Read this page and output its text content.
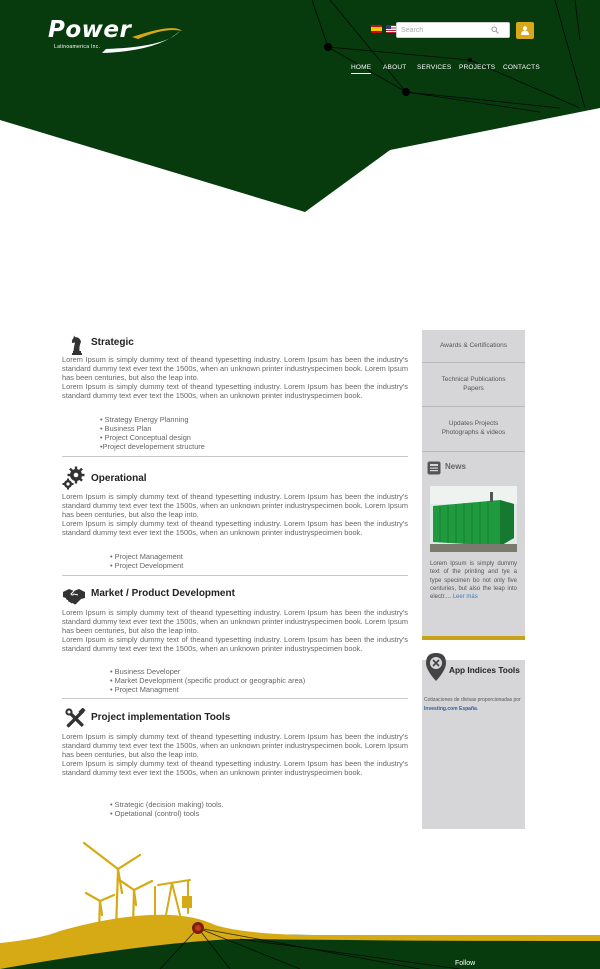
Power
Latinoamerica Inc.
Search
HOME ABOUT SERVICES PROJECTS CONTACTS
Strategic

Lorem Ipsum is simply dummy text of theand typesetting industry. Lorem Ipsum has been the industry's standard dummy text ever text the 1500s, when an unknown printer industryspecimen book. Lorem Ipsum has been centuries, but also the leap into.

Lorem Ipsum is simply dummy text of theand typesetting industry. Lorem Ipsum has been the industry's standard dummy text ever text the 1500s, when an unknown printer industryspecimen book.

• Strategy Energy Planning
• Business Plan
• Project Conceptual design
•Project developement structure
Operational

Lorem Ipsum is simply dummy text of theand typesetting industry. Lorem Ipsum has been the industry's standard dummy text ever text the 1500s, when an unknown printer industryspecimen book. Lorem Ipsum has been centuries, but also the leap into.

Lorem Ipsum is simply dummy text of theand typesetting industry. Lorem Ipsum has been the industry's standard dummy text ever text the 1500s, when an unknown printer industryspecimen book.

• Project Management
• Project Development
Market / Product Development

Lorem Ipsum is simply dummy text of theand typesetting industry. Lorem Ipsum has been the industry's standard dummy text ever text the 1500s, when an unknown printer industryspecimen book. Lorem Ipsum has been centuries, but also the leap into.

Lorem Ipsum is simply dummy text of theand typesetting industry. Lorem Ipsum has been the industry's standard dummy text ever text the 1500s, when an unknown printer industryspecimen book.

• Business Developer
• Market Development (specific product or geographic area)
• Project Managment
Project implementation Tools

Lorem Ipsum is simply dummy text of theand typesetting industry. Lorem Ipsum has been the industry's standard dummy text ever text the 1500s, when an unknown printer industryspecimen book. Lorem Ipsum has been centuries, but also the leap into.

Lorem Ipsum is simply dummy text of theand typesetting industry. Lorem Ipsum has been the industry's standard dummy text ever text the 1500s, when an unknown printer industryspecimen book.

• Strategic (decision making) tools.
• Opetational (control) tools
Awards & Certifications
Technical Publications Papers
Updates Projects Photographs & videos
News
Lorem Ipsum is simply dummy text of the printing and tye a type specimen bo not only five centuries, but also the leap into electr.... Leer más
App Indices Tools
Cotizaciones de divisas proporcionadas por Investing.com España.
Follow
